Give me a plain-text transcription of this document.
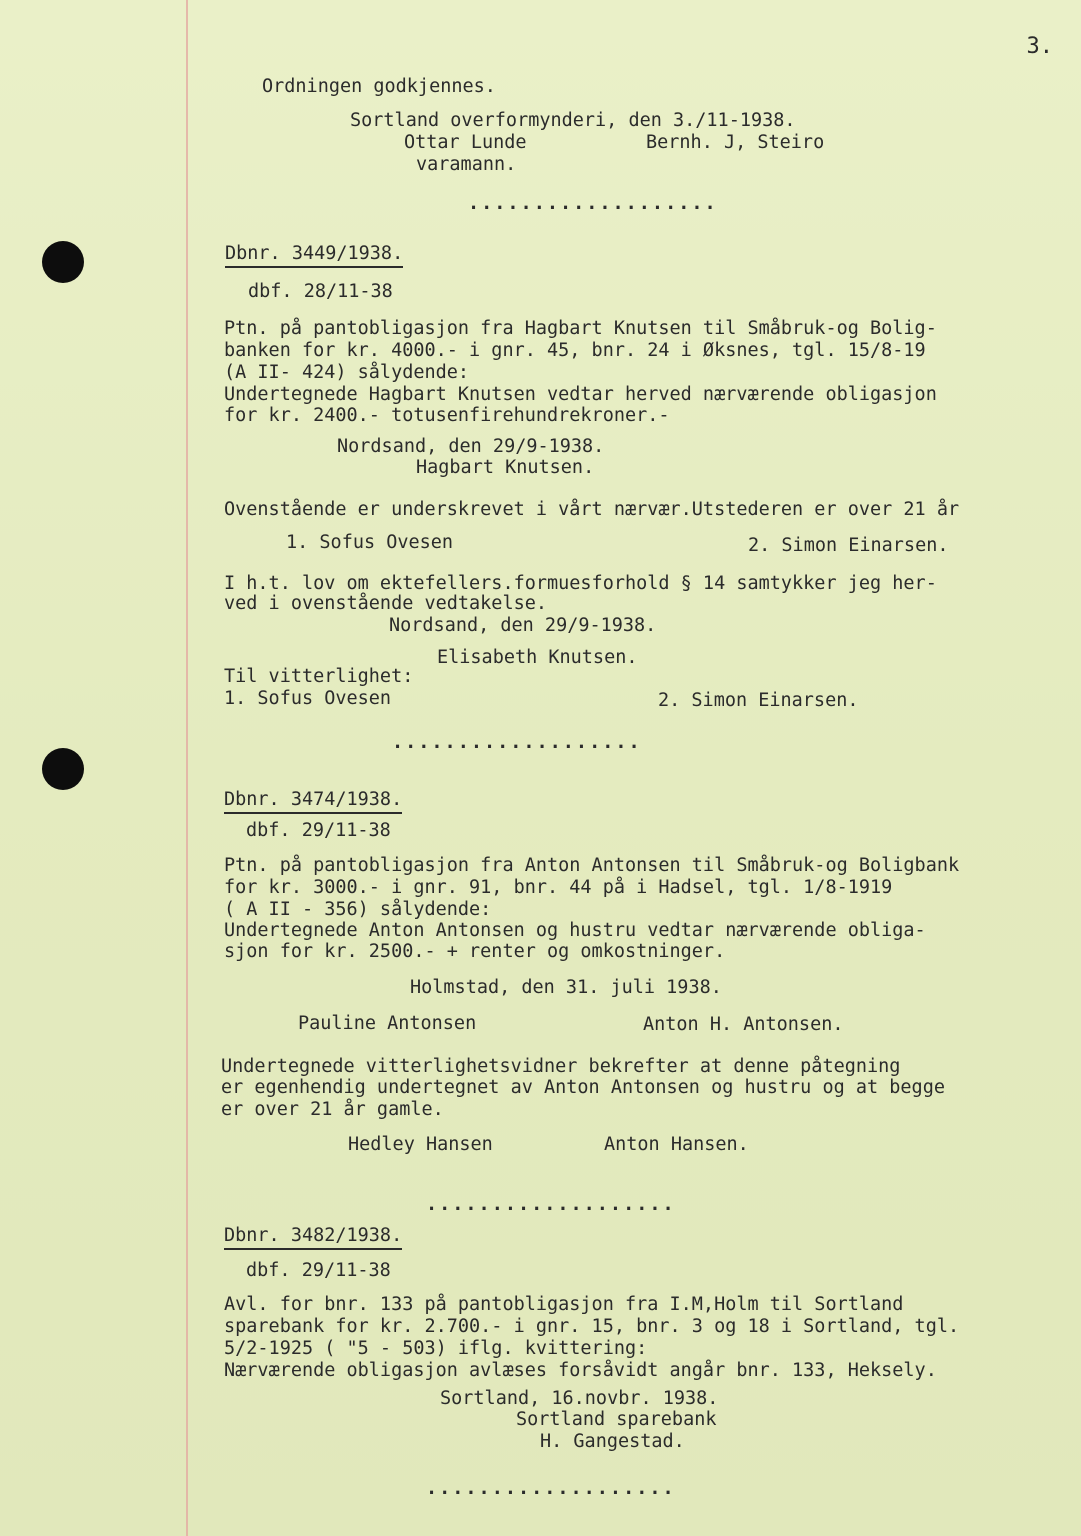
3.
Ordningen godkjennes.
Sortland overformynderi, den 3./11-1938.
Ottar Lunde	Bernh. J, Steiro
varamann.
...................
Dbnr. 3449/1938.
dbf. 28/11-38
Ptn. på pantobligasjon fra Hagbart Knutsen til Småbruk-og Bolig-
banken for kr. 4000.- i gnr. 45, bnr. 24 i Øksnes, tgl. 15/8-19
(A II- 424) sålydende:
Undertegnede Hagbart Knutsen vedtar herved nærværende obligasjon
for kr. 2400.- totusenfirehundrekroner.-
Nordsand, den 29/9-1938.
Hagbart Knutsen.
Ovenstående er underskrevet i vårt nærvær.Utstederen er over 21 år
1. Sofus Ovesen	2. Simon Einarsen.
I h.t. lov om ektefellers.formuesforhold § 14 samtykker jeg her-
ved i ovenstående vedtakelse.
Nordsand, den 29/9-1938.
Elisabeth Knutsen.
Til vitterlighet:
1. Sofus Ovesen	2. Simon Einarsen.
...................
Dbnr. 3474/1938.
dbf. 29/11-38
Ptn. på pantobligasjon fra Anton Antonsen til Småbruk-og Boligbank
for kr. 3000.- i gnr. 91, bnr. 44 på i Hadsel, tgl. 1/8-1919
( A II - 356) sålydende:
Undertegnede Anton Antonsen og hustru vedtar nærværende obliga-
sjon for kr. 2500.- + renter og omkostninger.
Holmstad, den 31. juli 1938.
Pauline Antonsen	Anton H. Antonsen.
Undertegnede vitterlighetsvidner bekrefter at denne påtegning
er egenhendig undertegnet av Anton Antonsen og hustru og at begge
er over 21 år gamle.
Hedley Hansen	Anton Hansen.
...................
Dbnr. 3482/1938.
dbf. 29/11-38
Avl. for bnr. 133 på pantobligasjon fra I.M,Holm til Sortland
sparebank for kr. 2.700.- i gnr. 15, bnr. 3 og 18 i Sortland, tgl.
5/2-1925 ( "5 - 503) iflg. kvittering:
Nærværende obligasjon avlæses forsåvidt angår bnr. 133, Heksely.
Sortland, 16.novbr. 1938.
Sortland sparebank
H. Gangestad.
...................
